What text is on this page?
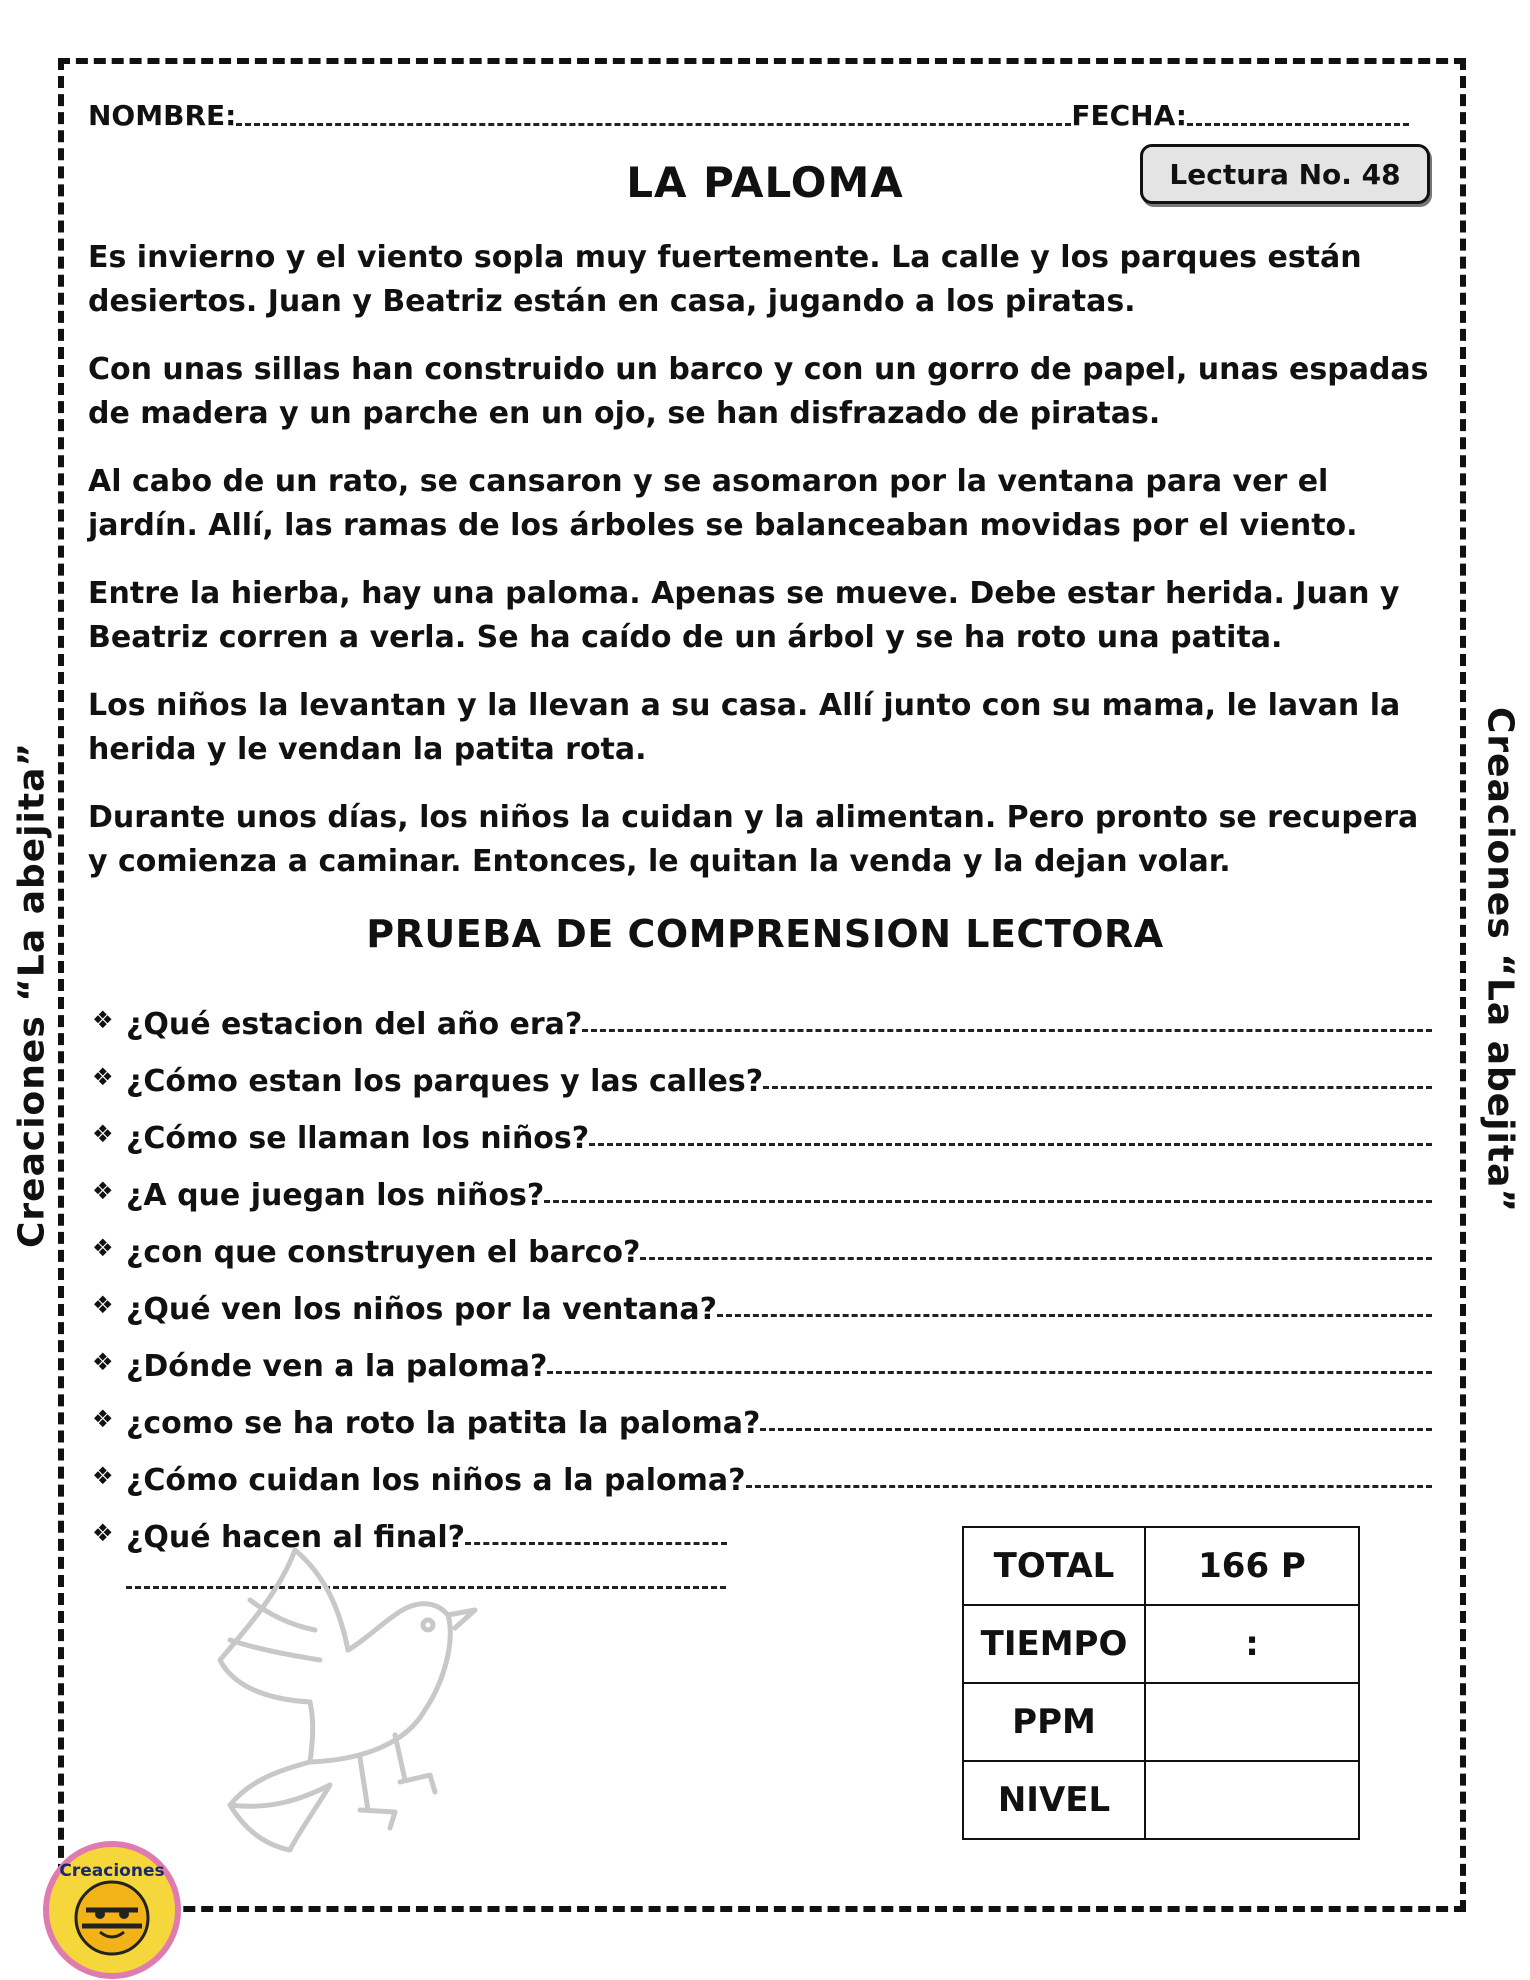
Creaciones “La abejita”	Creaciones “La abejita”
NOMBRE:	FECHA:
LA PALOMA	Lectura No. 48

Es invierno y el viento sopla muy fuertemente. La calle y los parques están desiertos. Juan y Beatriz están en casa, jugando a los piratas.

Con unas sillas han construido un barco y con un gorro de papel, unas espadas de madera y un parche en un ojo, se han disfrazado de piratas.

Al cabo de un rato, se cansaron y se asomaron por la ventana para ver el jardín. Allí, las ramas de los árboles se balanceaban movidas por el viento.

Entre la hierba, hay una paloma. Apenas se mueve. Debe estar herida. Juan y Beatriz corren a verla. Se ha caído de un árbol y se ha roto una patita.

Los niños la levantan y la llevan a su casa. Allí junto con su mama, le lavan la herida y le vendan la patita rota.

Durante unos días, los niños la cuidan y la alimentan. Pero pronto se recupera y comienza a caminar. Entonces, le quitan la venda y la dejan volar.

PRUEBA DE COMPRENSION LECTORA
❖ ¿Qué estacion del año era?
❖ ¿Cómo estan los parques y las calles?
❖ ¿Cómo se llaman los niños?
❖ ¿A que juegan los niños?
❖ ¿con que construyen el barco?
❖ ¿Qué ven los niños por la ventana?
❖ ¿Dónde ven a la paloma?
❖ ¿como se ha roto la patita la paloma?
❖ ¿Cómo cuidan los niños a la paloma?
❖ ¿Qué hacen al final?
TOTAL	166 P
TIEMPO	:
PPM	
NIVEL	
Creaciones
